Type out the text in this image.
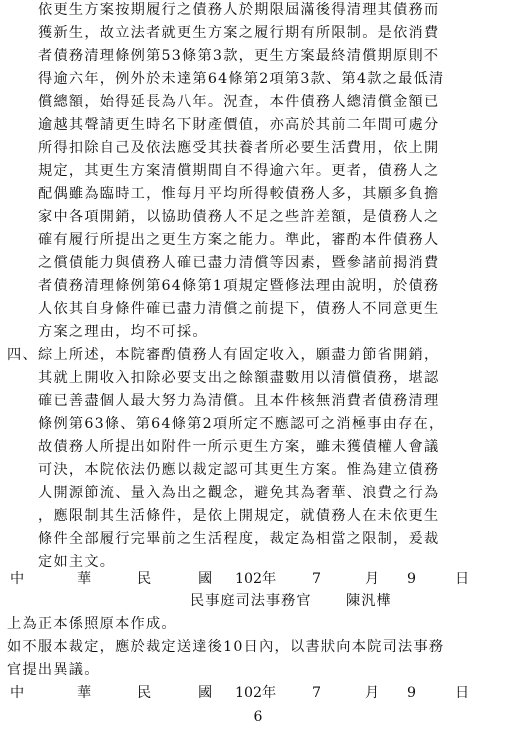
依更生方案按期履行之債務人於期限屆滿後得清理其債務而
獲新生，故立法者就更生方案之履行期有所限制。是依消費
者債務清理條例第53條第3款，更生方案最終清償期原則不
得逾六年，例外於未達第64條第2項第3款、第4款之最低清
償總額，始得延長為八年。況查，本件債務人總清償金額已
逾越其聲請更生時名下財產價值，亦高於其前二年間可處分
所得扣除自己及依法應受其扶養者所必要生活費用，依上開
規定，其更生方案清償期間自不得逾六年。更者，債務人之
配偶雖為臨時工，惟每月平均所得較債務人多，其願多負擔
家中各項開銷，以協助債務人不足之些許差額，是債務人之
確有履行所提出之更生方案之能力。準此，審酌本件債務人
之償債能力與債務人確已盡力清償等因素，暨參諸前揭消費
者債務清理條例第64條第1項規定暨修法理由說明，於債務
人依其自身條件確已盡力清償之前提下，債務人不同意更生
方案之理由，均不可採。
四、 綜上所述，本院審酌債務人有固定收入，願盡力節省開銷，
其就上開收入扣除必要支出之餘額盡數用以清償債務，堪認
確已善盡個人最大努力為清償。且本件核無消費者債務清理
條例第63條、第64條第2項所定不應認可之消極事由存在，
故債務人所提出如附件一所示更生方案，雖未獲債權人會議
可決，本院依法仍應以裁定認可其更生方案。惟為建立債務
人開源節流、量入為出之觀念，避免其為奢華、浪費之行為
，應限制其生活條件，是依上開規定，就債務人在未依更生
條件全部履行完畢前之生活程度，裁定為相當之限制，爰裁
定如主文。
中	華	民	國 102 年	7	月 9	日
民事庭司法事務官 陳汎樺
上為正本係照原本作成。
如不服本裁定，應於裁定送達後10日內，以書狀向本院司法事務
官提出異議。
中	華	民	國 102 年	7	月 9	日
6
